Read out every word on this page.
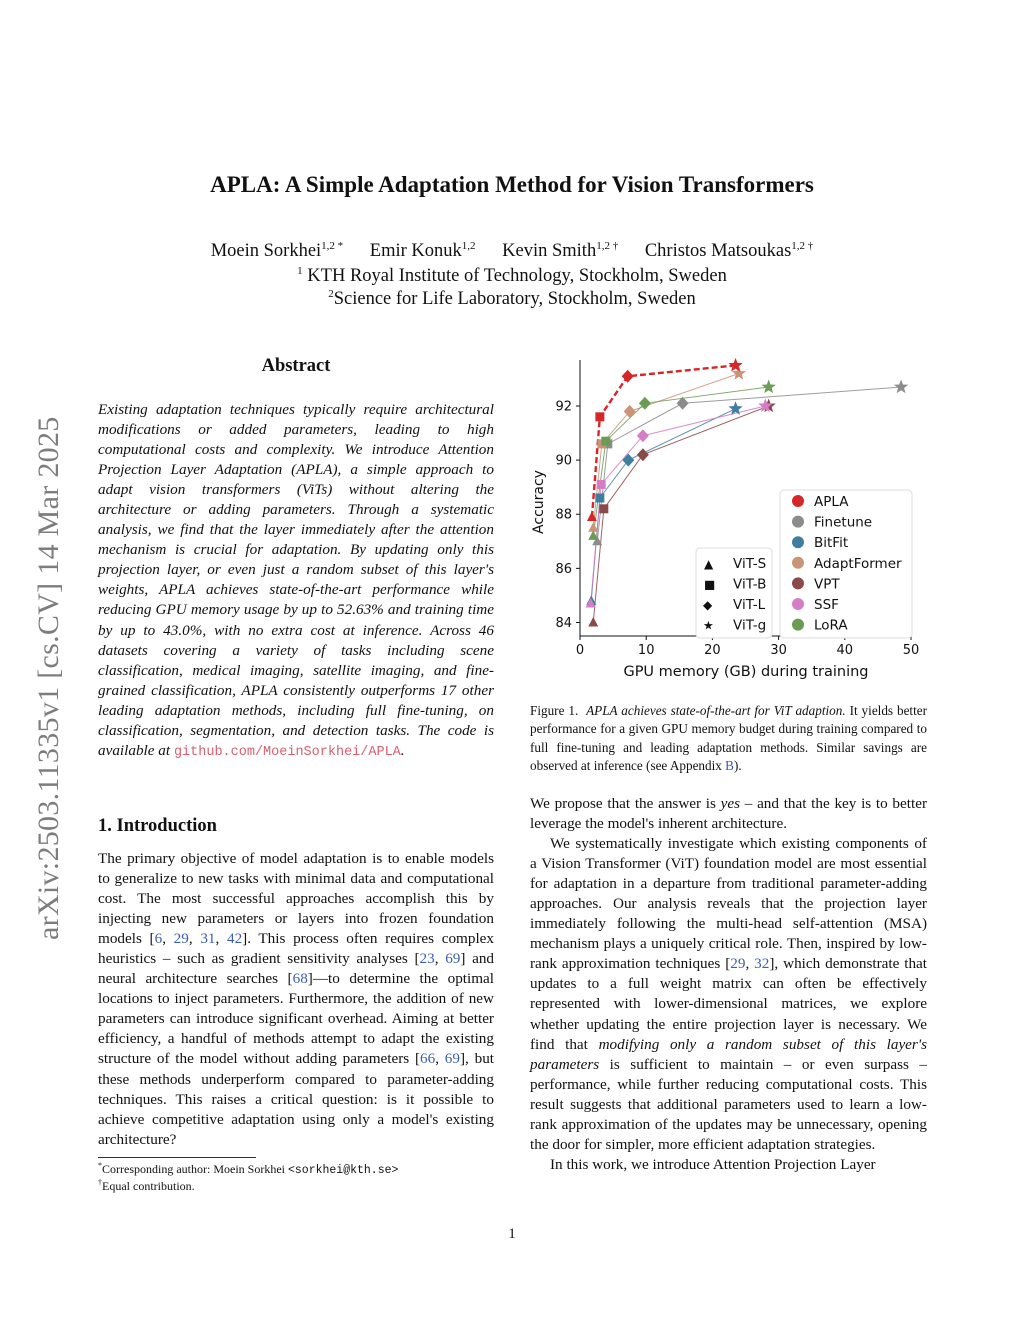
arXiv:2503.11335v1 [cs.CV] 14 Mar 2025
APLA: A Simple Adaptation Method for Vision Transformers
Moein Sorkhei$^{1,2 *}$ Emir Konuk$^{1,2}$ Kevin Smith$^{1,2 \dagger}$ Christos Matsoukas$^{1,2 \dagger}$
$^1$ KTH Royal Institute of Technology, Stockholm, Sweden
$^2$Science for Life Laboratory, Stockholm, Sweden
Abstract
Existing adaptation techniques typically require architectural modifications or added parameters, leading to high computational costs and complexity. We introduce Attention Projection Layer Adaptation (APLA), a simple approach to adapt vision transformers (ViTs) without altering the architecture or adding parameters. Through a systematic analysis, we find that the layer immediately after the attention mechanism is crucial for adaptation. By updating only this projection layer, or even just a random subset of this layer's weights, APLA achieves state-of-the-art performance while reducing GPU memory usage by up to 52.63% and training time by up to 43.0%, with no extra cost at inference. Across 46 datasets covering a variety of tasks including scene classification, medical imaging, satellite imaging, and fine-grained classification, APLA consistently outperforms 17 other leading adaptation methods, including full fine-tuning, on classification, segmentation, and detection tasks. The code is available at github.com/MoeinSorkhei/APLA.
1. Introduction
The primary objective of model adaptation is to enable models to generalize to new tasks with minimal data and computational cost. The most successful approaches accomplish this by injecting new parameters or layers into frozen foundation models [6, 29, 31, 42]. This process often requires complex heuristics – such as gradient sensitivity analyses [23, 69] and neural architecture searches [68]—to determine the optimal locations to inject parameters. Furthermore, the addition of new parameters can introduce significant overhead. Aiming at better efficiency, a handful of methods attempt to adapt the existing structure of the model without adding parameters [66, 69], but these methods underperform compared to parameter-adding techniques. This raises a critical question: is it possible to achieve competitive adaptation using only a model's existing architecture?
*Corresponding author: Moein Sorkhei <sorkhei@kth.se>
†Equal contribution.
1
0	10	20	30	40	50
84
86
88
90
92
Accuracy
GPU memory (GB) during training
▲ ViT-S
■ ViT-B
◆ ViT-L
★ ViT-g
APLA
Finetune
BitFit
AdaptFormer
VPT
SSF
LoRA
Figure 1. APLA achieves state-of-the-art for ViT adaption. It yields better performance for a given GPU memory budget during training compared to full fine-tuning and leading adaptation methods. Similar savings are observed at inference (see Appendix B).

We propose that the answer is yes – and that the key is to better leverage the model's inherent architecture.

We systematically investigate which existing components of a Vision Transformer (ViT) foundation model are most essential for adaptation in a departure from traditional parameter-adding approaches. Our analysis reveals that the projection layer immediately following the multi-head self-attention (MSA) mechanism plays a uniquely critical role. Then, inspired by low-rank approximation techniques [29, 32], which demonstrate that updates to a full weight matrix can often be effectively represented with lower-dimensional matrices, we explore whether updating the entire projection layer is necessary. We find that modifying only a random subset of this layer's parameters is sufficient to maintain – or even surpass – performance, while further reducing computational costs. This result suggests that additional parameters used to learn a low-rank approximation of the updates may be unnecessary, opening the door for simpler, more efficient adaptation strategies.

In this work, we introduce Attention Projection Layer
